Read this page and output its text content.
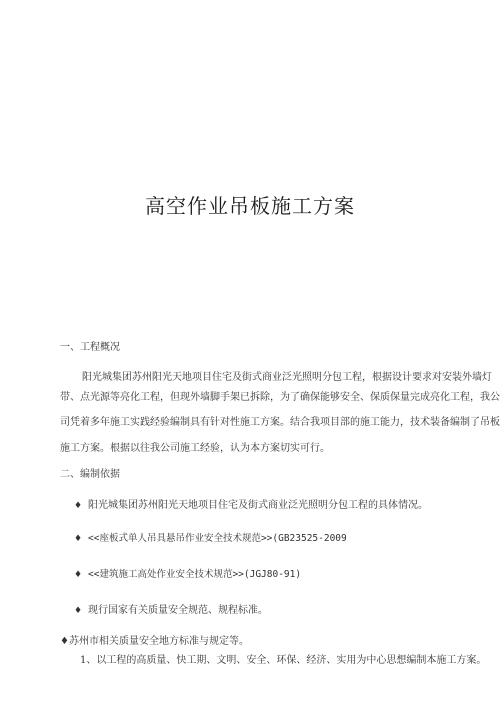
高空作业吊板施工方案
一、工程概况
阳光城集团苏州阳光天地项目住宅及街式商业泛光照明分包工程，根据设计要求对安装外墙灯
带、点光源等亮化工程，但现外墙脚手架已拆除，为了确保能够安全、保质保量完成亮化工程，我公
司凭着多年施工实践经验编制具有针对性施工方案。结合我项目部的施工能力，技术装备编制了吊板
施工方案。根据以往我公司施工经验，认为本方案切实可行。
二、编制依据
♦ 阳光城集团苏州阳光天地项目住宅及街式商业泛光照明分包工程的具体情况。
♦ <<座板式单人吊具悬吊作业安全技术规范>>(GB23525-2009
♦ <<建筑施工高处作业安全技术规范>>(JGJ80-91)
♦ 现行国家有关质量安全规范、规程标准。
♦苏州市相关质量安全地方标准与规定等。
1、以工程的高质量、快工期、文明、安全、环保、经济、实用为中心思想编制本施工方案。
